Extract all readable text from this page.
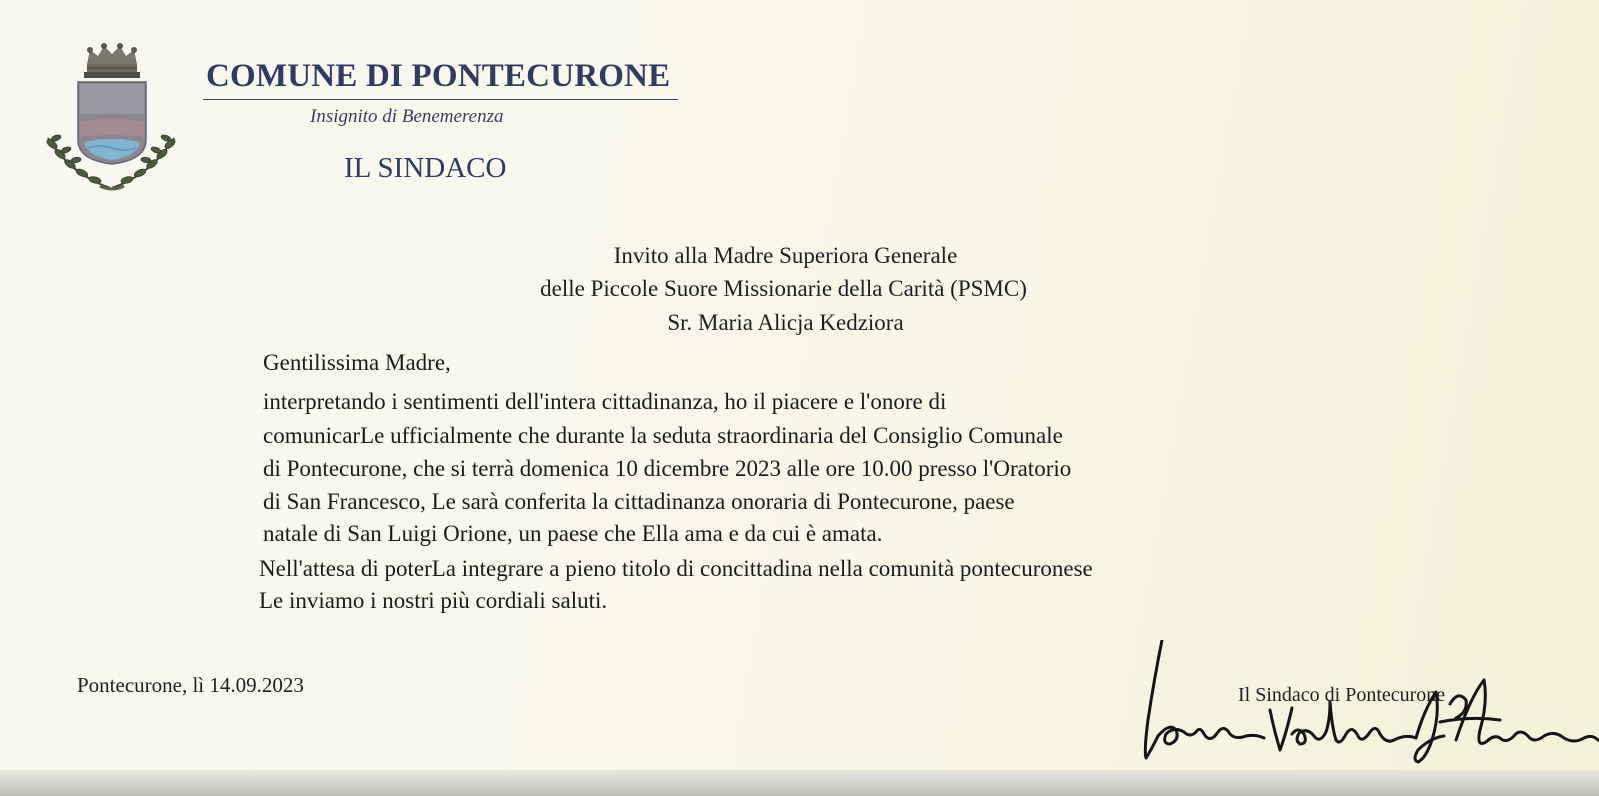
COMUNE DI PONTECURONE
Insignito di Benemerenza
IL SINDACO
Invito alla Madre Superiora Generale
delle Piccole Suore Missionarie della Carità (PSMC)
Sr. Maria Alicja Kedziora
Gentilissima Madre,
interpretando i sentimenti dell'intera cittadinanza, ho il piacere e l'onore di
comunicarLe ufficialmente che durante la seduta straordinaria del Consiglio Comunale
di Pontecurone, che si terrà domenica 10 dicembre 2023 alle ore 10.00 presso l'Oratorio
di San Francesco, Le sarà conferita la cittadinanza onoraria di Pontecurone, paese
natale di San Luigi Orione, un paese che Ella ama e da cui è amata.
Nell'attesa di poterLa integrare a pieno titolo di concittadina nella comunità pontecuronese
Le inviamo i nostri più cordiali saluti.
Pontecurone, lì 14.09.2023	Il Sindaco di Pontecurone
